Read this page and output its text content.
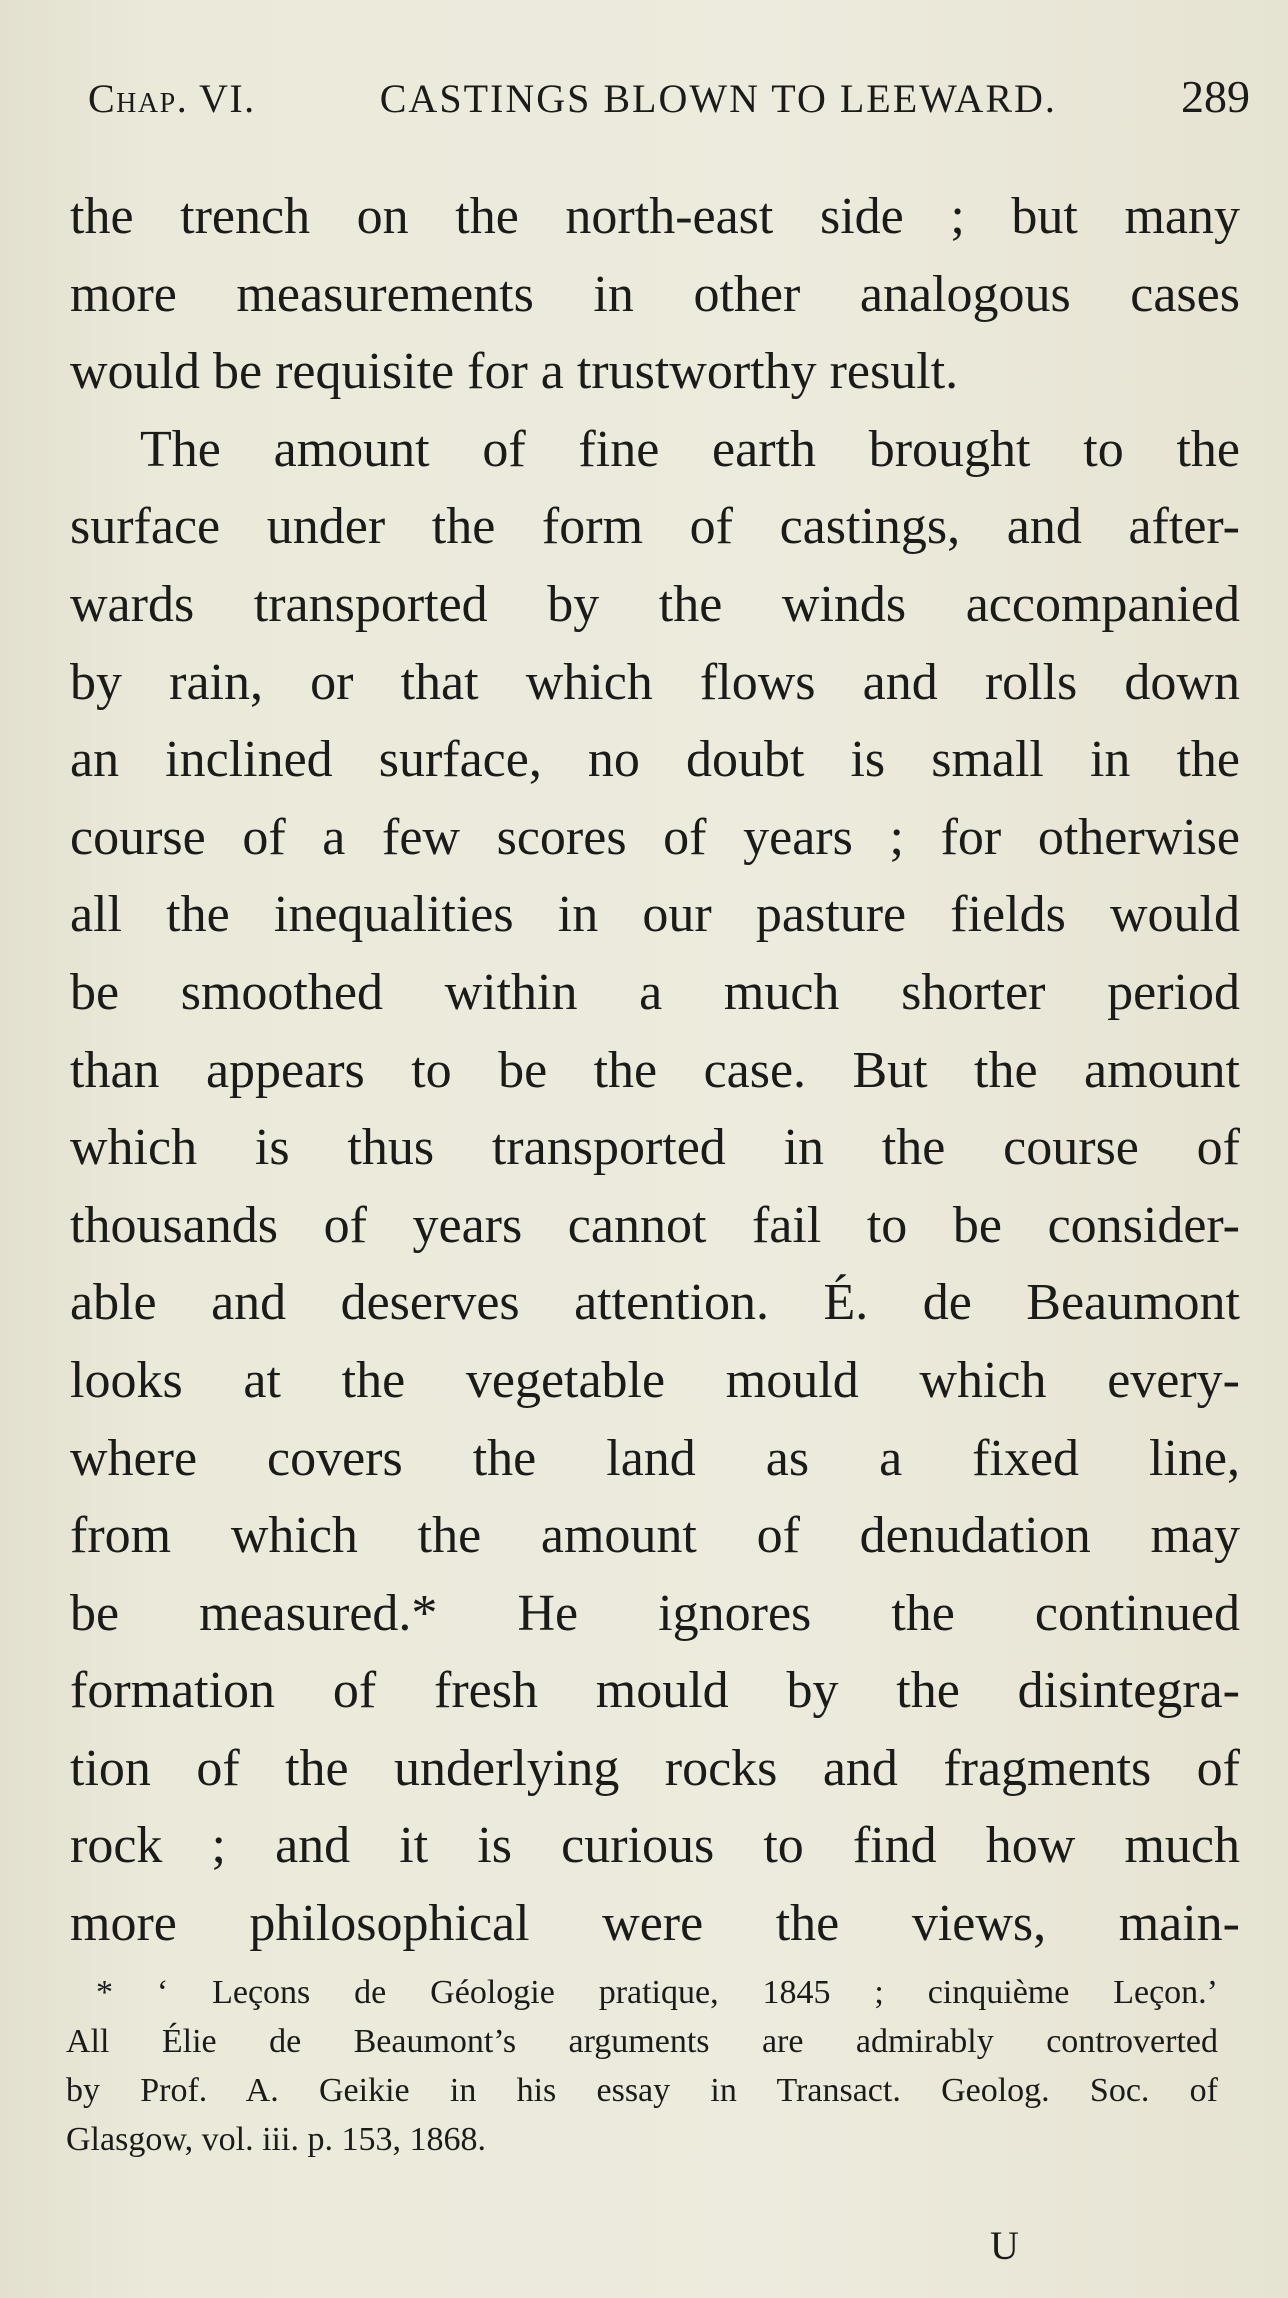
Chap. VI.	CASTINGS BLOWN TO LEEWARD.	289
the trench on the north-east side ; but many
more measurements in other analogous cases
would be requisite for a trustworthy result.
The amount of fine earth brought to the
surface under the form of castings, and after-
wards transported by the winds accompanied
by rain, or that which flows and rolls down
an inclined surface, no doubt is small in the
course of a few scores of years ; for otherwise
all the inequalities in our pasture fields would
be smoothed within a much shorter period
than appears to be the case. But the amount
which is thus transported in the course of
thousands of years cannot fail to be consider-
able and deserves attention. É. de Beaumont
looks at the vegetable mould which every-
where covers the land as a fixed line,
from which the amount of denudation may
be measured.* He ignores the continued
formation of fresh mould by the disintegra-
tion of the underlying rocks and fragments of
rock ; and it is curious to find how much
more philosophical were the views, main-
* ‘ Leçons de Géologie pratique, 1845 ; cinquième Leçon.’
All Élie de Beaumont’s arguments are admirably controverted
by Prof. A. Geikie in his essay in Transact. Geolog. Soc. of
Glasgow, vol. iii. p. 153, 1868.
U
